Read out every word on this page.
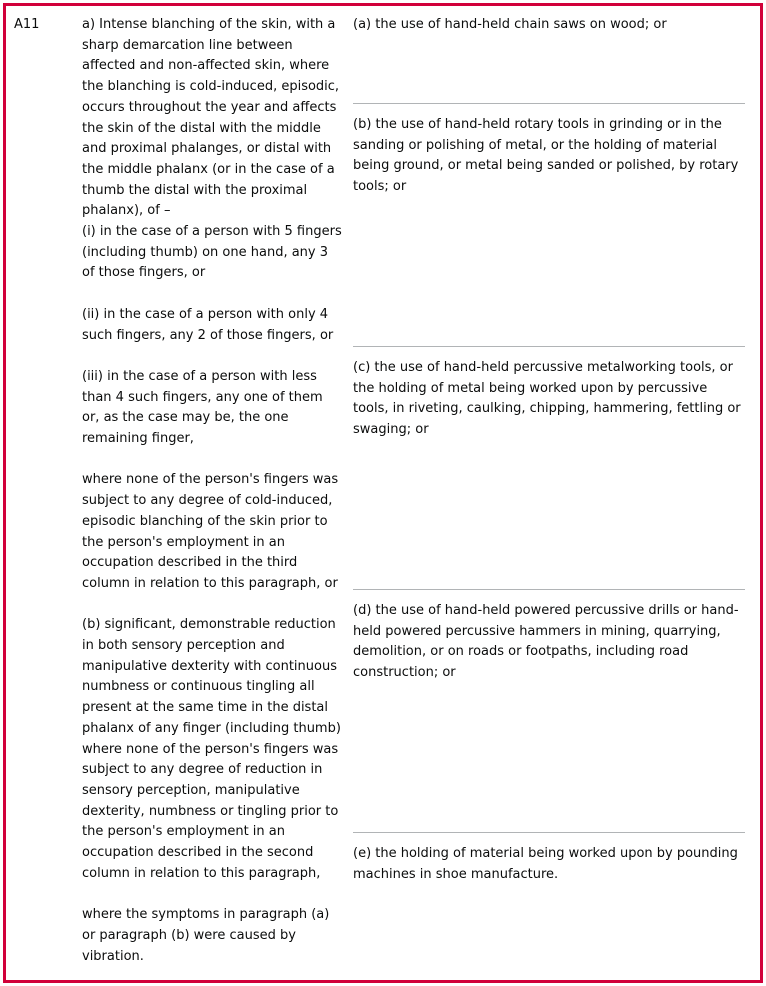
A11	a) Intense blanching of the skin, with a sharp demarcation line between affected and non-affected skin, where the blanching is cold-induced, episodic, occurs throughout the year and affects the skin of the distal with the middle and proximal phalanges, or distal with the middle phalanx (or in the case of a thumb the distal with the proximal phalanx), of –
(i) in the case of a person with 5 fingers (including thumb) on one hand, any 3 of those fingers, or

(ii) in the case of a person with only 4 such fingers, any 2 of those fingers, or

(iii) in the case of a person with less than 4 such fingers, any one of them or, as the case may be, the one remaining finger,

where none of the person's fingers was subject to any degree of cold-induced, episodic blanching of the skin prior to the person's employment in an occupation described in the third column in relation to this paragraph, or

(b) significant, demonstrable reduction in both sensory perception and manipulative dexterity with continuous numbness or continuous tingling all present at the same time in the distal phalanx of any finger (including thumb) where none of the person's fingers was subject to any degree of reduction in sensory perception, manipulative dexterity, numbness or tingling prior to the person's employment in an occupation described in the second column in relation to this paragraph,

where the symptoms in paragraph (a) or paragraph (b) were caused by vibration.

(a) the use of hand-held chain saws on wood; or
(b) the use of hand-held rotary tools in grinding or in the sanding or polishing of metal, or the holding of material being ground, or metal being sanded or polished, by rotary tools; or
(c) the use of hand-held percussive metalworking tools, or the holding of metal being worked upon by percussive tools, in riveting, caulking, chipping, hammering, fettling or swaging; or
(d) the use of hand-held powered percussive drills or hand-held powered percussive hammers in mining, quarrying, demolition, or on roads or footpaths, including road construction; or
(e) the holding of material being worked upon by pounding machines in shoe manufacture.
